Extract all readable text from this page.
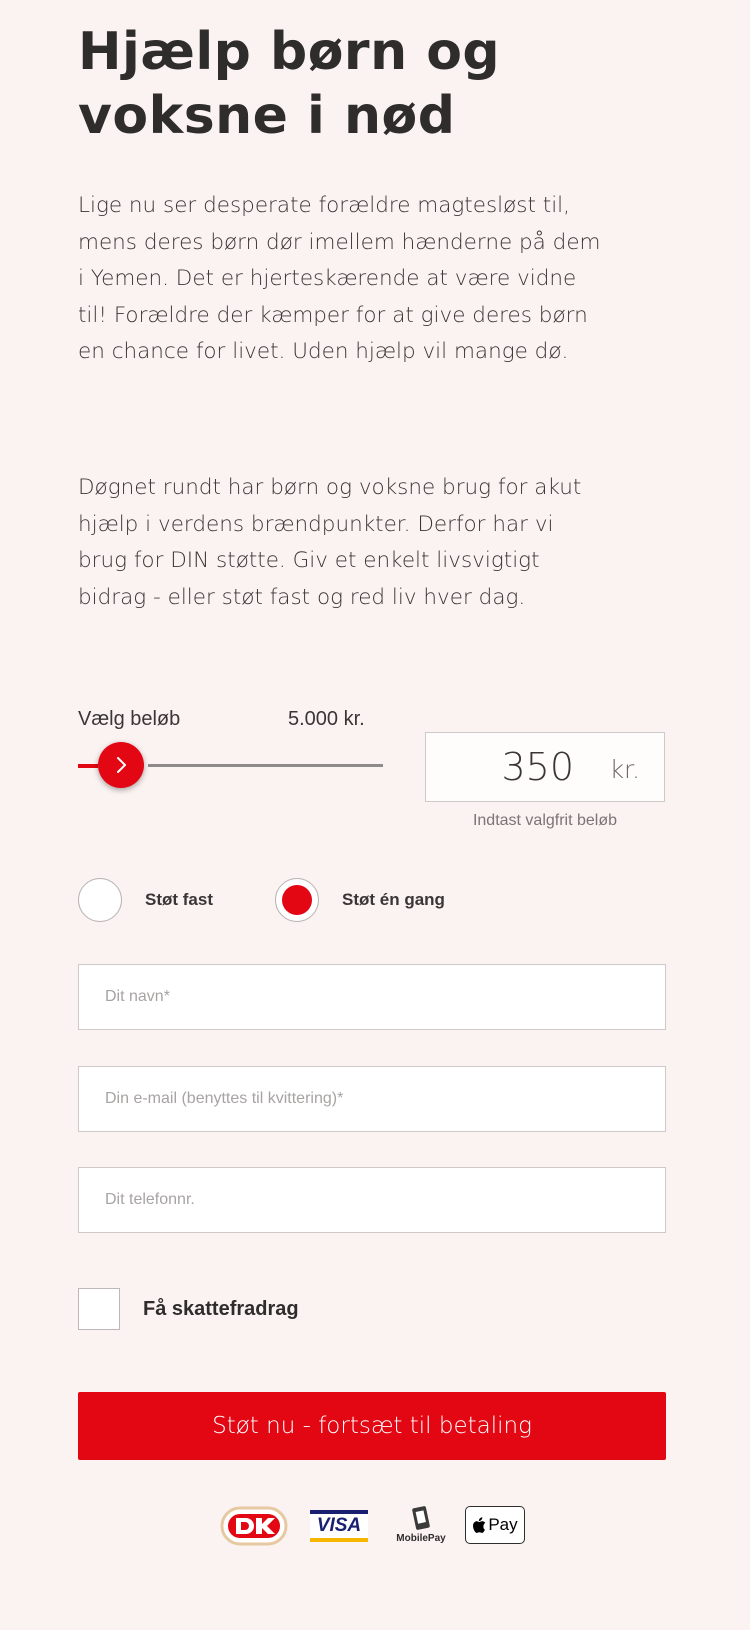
Hjælp børn og voksne i nød

Lige nu ser desperate forældre magtesløst til, mens deres børn dør imellem hænderne på dem i Yemen. Det er hjerteskærende at være vidne til! Forældre der kæmper for at give deres børn en chance for livet. Uden hjælp vil mange dø.

Døgnet rundt har børn og voksne brug for akut hjælp i verdens brændpunkter. Derfor har vi brug for DIN støtte. Giv et enkelt livsvigtigt bidrag - eller støt fast og red liv hver dag.

Vælg beløb	5.000 kr.
350 kr.
Indtast valgfrit beløb
Støt fast	Støt én gang
Dit navn*
Din e-mail (benyttes til kvittering)*
Dit telefonnr.
Få skattefradrag
Støt nu - fortsæt til betaling
VISA
MobilePay
Pay
